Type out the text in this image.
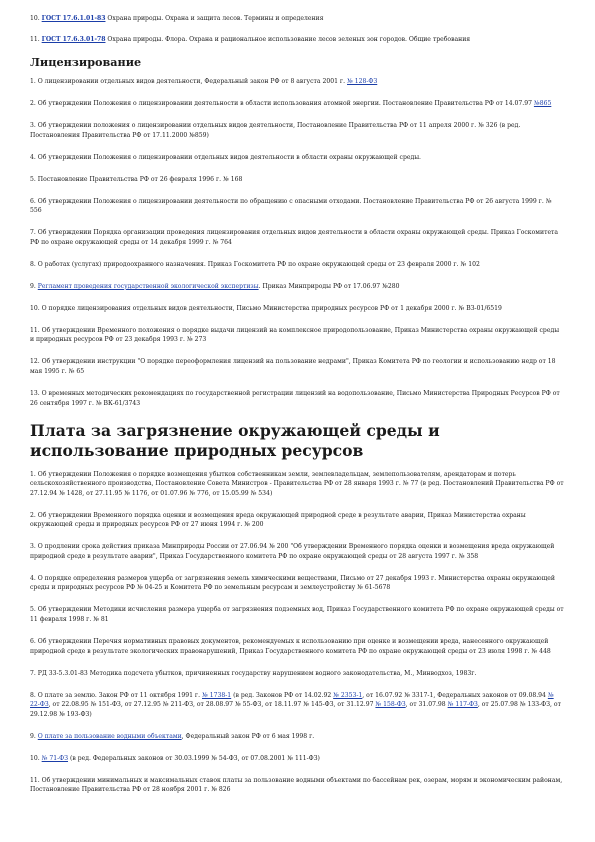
10. ГОСТ 17.6.1.01-83 Охрана природы. Охрана и защита лесов. Термины и определения

11. ГОСТ 17.6.3.01-78 Охрана природы. Флора. Охрана и рациональное использование лесов зеленых зон городов. Общие требования

Лицензирование

1. О лицензировании отдельных видов деятельности, Федеральный закон РФ от 8 августа 2001 г. № 128-ФЗ

2. Об утверждении Положения о лицензировании деятельности в области использования атомной энергии. Постановление Правительства РФ от 14.07.97 №865

3. Об утверждении положения о лицензировании отдельных видов деятельности, Постановление Правительства РФ от 11 апреля 2000 г. № 326 (в ред. Постановления Правительства РФ от 17.11.2000 №859)

4. Об утверждении Положения о лицензировании отдельных видов деятельности в области охраны окружающей среды.

5. Постановление Правительства РФ от 26 февраля 1996 г. № 168

6. Об утверждении Положения о лицензировании деятельности по обращению с опасными отходами. Постановление Правительства РФ от 26 августа 1999 г. № 556

7. Об утверждении Порядка организации проведения лицензирования отдельных видов деятельности в области охраны окружающей среды. Приказ Госкомитета РФ по охране окружающей среды от 14 декабря 1999 г. № 764

8. О работах (услугах) природоохранного назначения. Приказ Госкомитета РФ по охране окружающей среды от 23 февраля 2000 г. № 102

9. Регламент проведения государственной экологической экспертизы. Приказ Минприроды РФ от 17.06.97 №280

10. О порядке лицензирования отдельных видов деятельности, Письмо Министерства природных ресурсов РФ от 1 декабря 2000 г. № ВЗ-01/6519

11. Об утверждении Временного положения о порядке выдачи лицензий на комплексное природопользование, Приказ Министерства охраны окружающей среды и природных ресурсов РФ от 23 декабря 1993 г. № 273

12. Об утверждении инструкции "О порядке переоформления лицензий на пользование недрами", Приказ Комитета РФ по геологии и использованию недр от 18 мая 1995 г. № 65

13. О временных методических рекомендациях по государственной регистрации лицензий на водопользование, Письмо Министерства Природных Ресурсов РФ от 26 сентября 1997 г. № ВК-61/3743

Плата за загрязнение окружающей среды и использование природных ресурсов

1. Об утверждении Положения о порядке возмещения убытков собственникам земли, землевладельцам, землепользователям, арендаторам и потерь сельскохозяйственного производства, Постановление Совета Министров - Правительства РФ от 28 января 1993 г. № 77 (в ред. Постановлений Правительства РФ от 27.12.94 № 1428, от 27.11.95 № 1176, от 01.07.96 № 776, от 15.05.99 № 534)

2. Об утверждении Временного порядка оценки и возмещения вреда окружающей природной среде в результате аварии, Приказ Министерства охраны окружающей среды и природных ресурсов РФ от 27 июня 1994 г. № 200

3. О продлении срока действия приказа Минприроды России от 27.06.94 № 200 "Об утверждении Временного порядка оценки и возмещения вреда окружающей природной среде в результате аварии", Приказ Государственного комитета РФ по охране окружающей среды от 28 августа 1997 г. № 358

4. О порядке определения размеров ущерба от загрязнения земель химическими веществами, Письмо от 27 декабря 1993 г. Министерства охраны окружающей среды и природных ресурсов РФ № 04-25 и Комитета РФ по земельным ресурсам и землеустройству № 61-5678

5. Об утверждении Методики исчисления размера ущерба от загрязнения подземных вод, Приказ Государственного комитета РФ по охране окружающей среды от 11 февраля 1998 г. № 81

6. Об утверждении Перечня нормативных правовых документов, рекомендуемых к использованию при оценке и возмещении вреда, нанесенного окружающей природной среде в результате экологических правонарушений, Приказ Государственного комитета РФ по охране окружающей среды от 23 июля 1998 г. № 448

7. РД 33-5.3.01-83 Методика подсчета убытков, причиненных государству нарушением водного законодательства, М., Минводхоз, 1983г.

8. О плате за землю. Закон РФ от 11 октября 1991 г. № 1738-1 (в ред. Законов РФ от 14.02.92 № 2353-1, от 16.07.92 № 3317-1, Федеральных законов от 09.08.94 № 22-ФЗ, от 22.08.95 № 151-ФЗ, от 27.12.95 № 211-ФЗ, от 28.08.97 № 55-ФЗ, от 18.11.97 № 145-ФЗ, от 31.12.97 № 158-ФЗ, от 31.07.98 № 117-ФЗ, от 25.07.98 № 133-ФЗ, от 29.12.98 № 193-ФЗ)

9. О плате за пользование водными объектами, Федеральный закон РФ от 6 мая 1998 г.

10. № 71-ФЗ (в ред. Федеральных законов от 30.03.1999 № 54-ФЗ, от 07.08.2001 № 111-ФЗ)

11. Об утверждении минимальных и максимальных ставок платы за пользование водными объектами по бассейнам рек, озерам, морям и экономическим районам, Постановление Правительства РФ от 28 ноября 2001 г. № 826
